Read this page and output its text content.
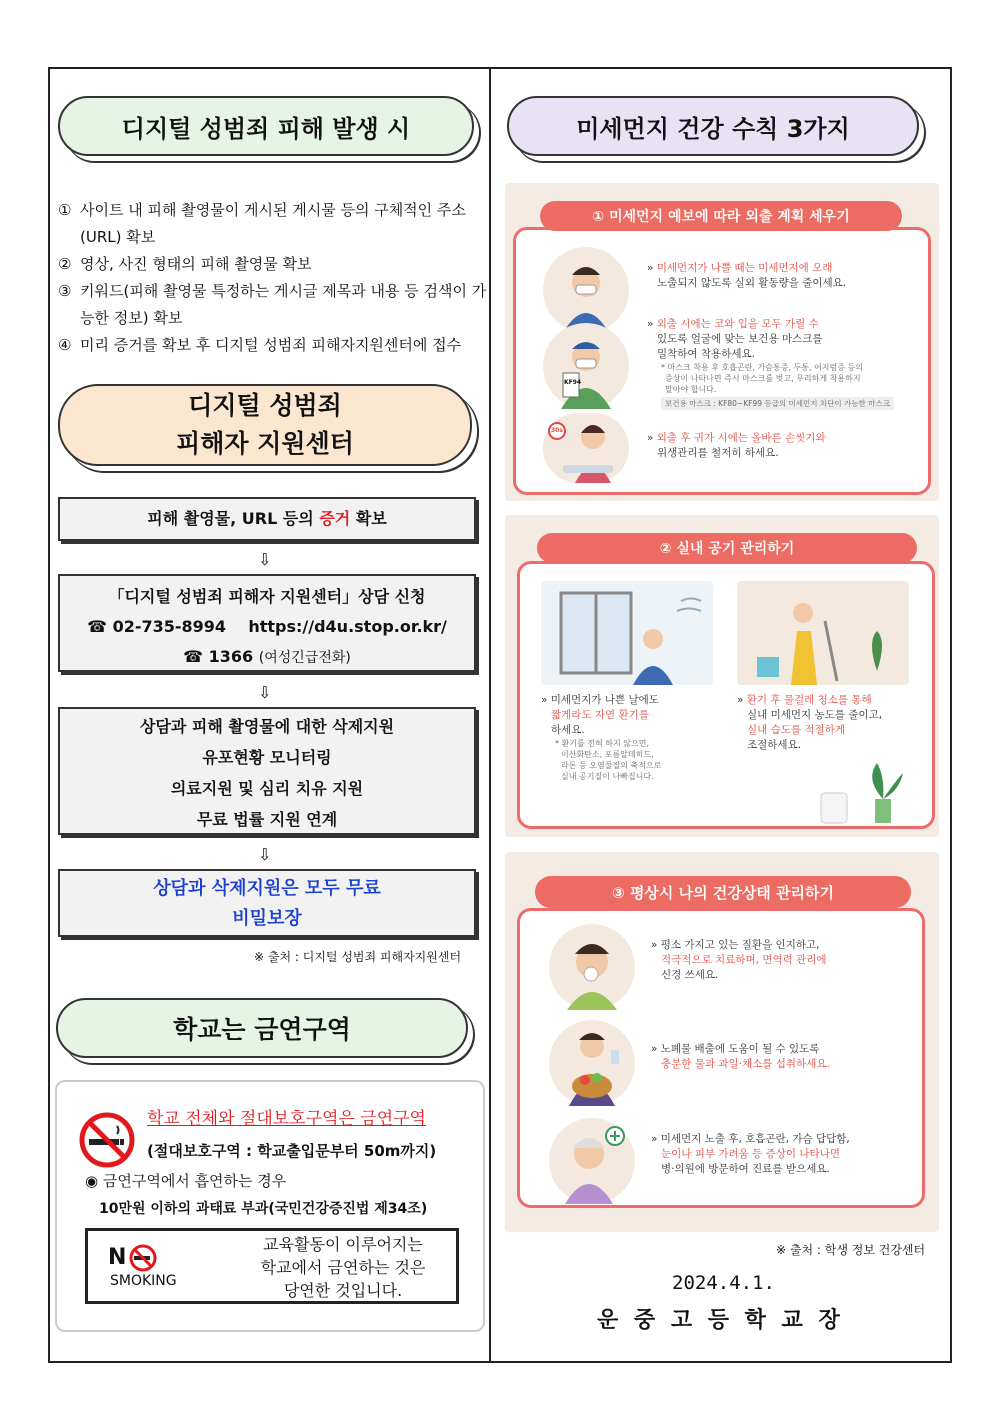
디지털 성범죄 피해 발생 시
① 사이트 내 피해 촬영물이 게시된 게시물 등의 구체적인 주소(URL) 확보
② 영상, 사진 형태의 피해 촬영물 확보
③ 키워드(피해 촬영물 특정하는 게시글 제목과 내용 등 검색이 가능한 정보) 확보
④ 미리 증거를 확보 후 디지털 성범죄 피해자지원센터에 접수
디지털 성범죄
피해자 지원센터
피해 촬영물, URL 등의 증거 확보
⇩
「디지털 성범죄 피해자 지원센터」상담 신청
☎ 02-735-8994 https://d4u.stop.or.kr/
☎ 1366 (여성긴급전화)
⇩
상담과 피해 촬영물에 대한 삭제지원
유포현황 모니터링
의료지원 및 심리 치유 지원
무료 법률 지원 연계
⇩
상담과 삭제지원은 모두 무료
비밀보장
※ 출처 : 디지털 성범죄 피해자지원센터
학교는 금연구역
학교 전체와 절대보호구역은 금연구역
(절대보호구역 : 학교출입문부터 50m까지)
◉ 금연구역에서 흡연하는 경우
10만원 이하의 과태료 부과(국민건강증진법 제34조)
N
SMOKING
교육활동이 이루어지는
학교에서 금연하는 것은
당연한 것입니다.
미세먼지 건강 수칙 3가지
① 미세먼지 예보에 따라 외출 계획 세우기
» 미세먼지가 나쁠 때는 미세먼지에 오래
노출되지 않도록 실외 활동량을 줄이세요.
KF94
» 외출 시에는 코와 입을 모두 가릴 수
있도록 얼굴에 맞는 보건용 마스크를
밀착하여 착용하세요.
* 마스크 착용 후 호흡곤란, 가슴통증, 두통, 어지럼증 등의
증상이 나타나면 즉시 마스크를 벗고, 무리하게 착용하지
말아야 합니다.
보건용 마스크 : KF80~KF99 등급의 미세먼지 차단이 가능한 마스크
30s
» 외출 후 귀가 시에는 올바른 손씻기와
위생관리를 철저히 하세요.
② 실내 공기 관리하기
» 미세먼지가 나쁜 날에도
짧게라도 자연 환기를
하세요.
* 환기를 전혀 하지 않으면,
이산화탄소, 포름알데히드,
라돈 등 오염물질의 축적으로
실내 공기질이 나빠집니다.
» 환기 후 물걸레 청소를 통해
실내 미세먼지 농도를 줄이고,
실내 습도를 적절하게
조절하세요.
③ 평상시 나의 건강상태 관리하기
» 평소 가지고 있는 질환을 인지하고,
적극적으로 치료하며, 면역력 관리에
신경 쓰세요.
» 노폐물 배출에 도움이 될 수 있도록
충분한 물과 과일·채소를 섭취하세요.
» 미세먼지 노출 후, 호흡곤란, 가슴 답답함,
눈이나 피부 가려움 등 증상이 나타나면
병·의원에 방문하여 진료를 받으세요.
※ 출처 : 학생 정보 건강센터
2024.4.1.
운 중 고 등 학 교 장
